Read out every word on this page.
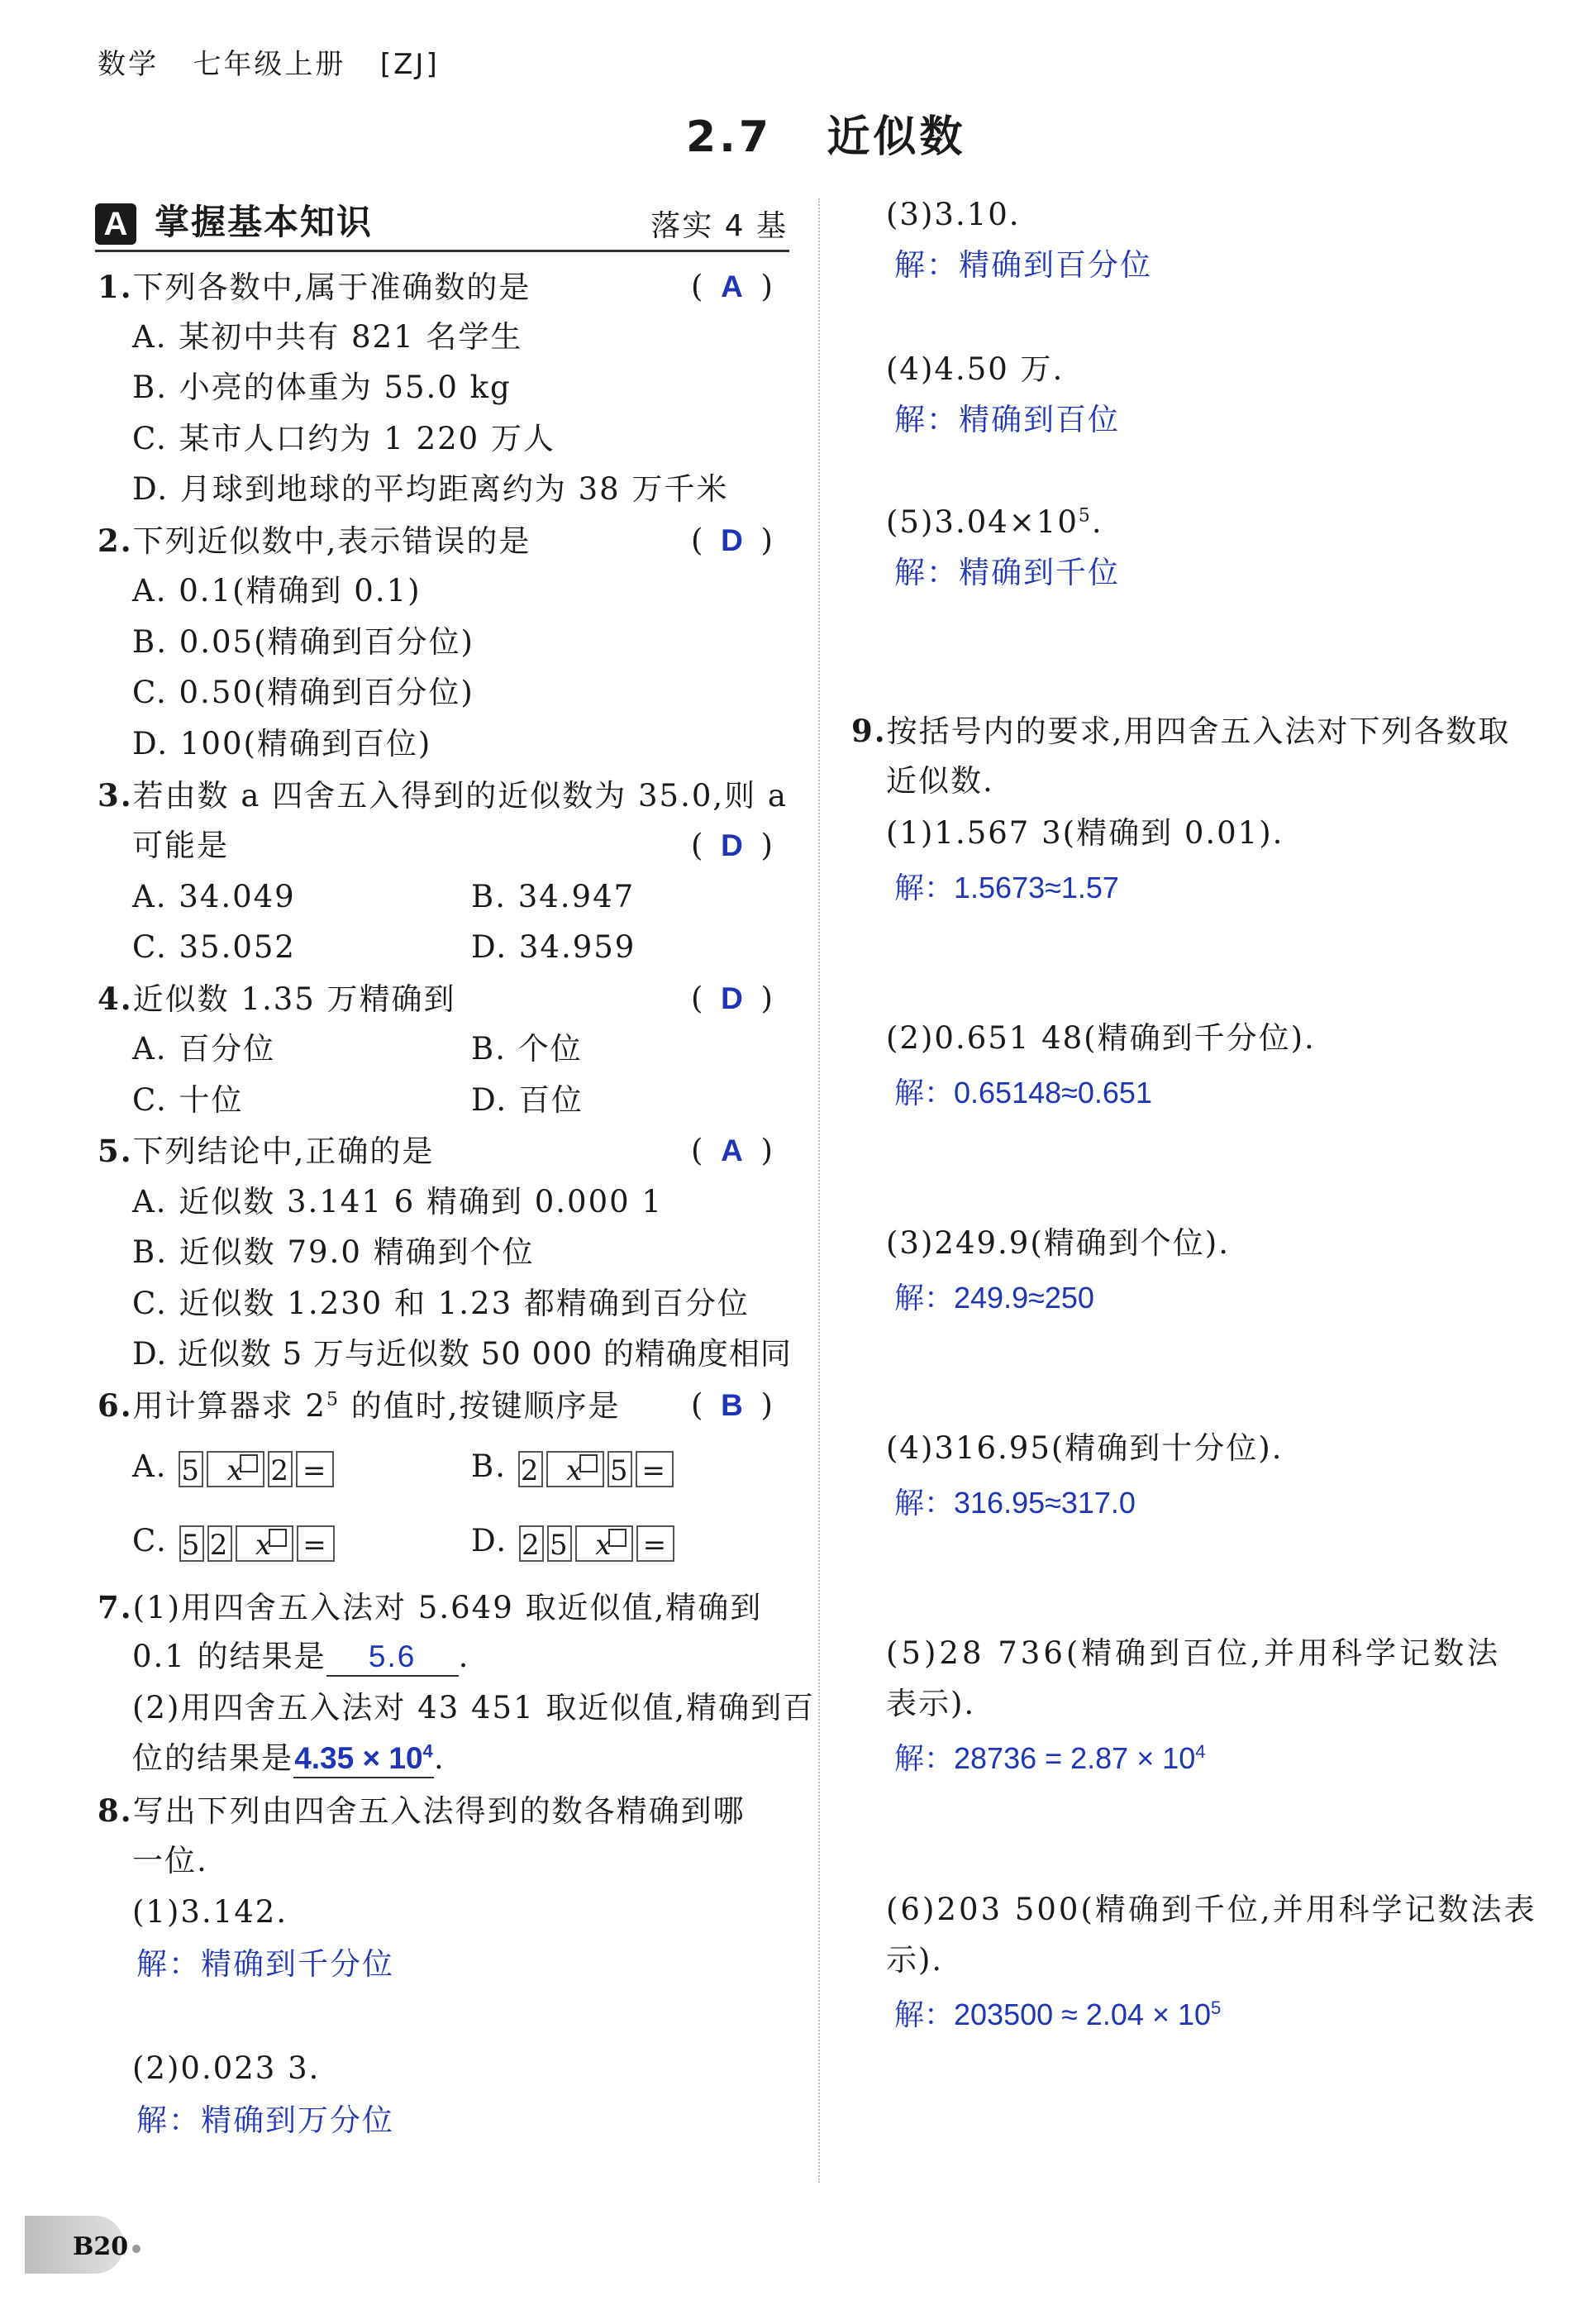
数学 七年级上册 [ZJ]
2.7 近似数
A 掌握基本知识	落实 4 基
1.下列各数中,属于准确数的是	( A )
A. 某初中共有 821 名学生
B. 小亮的体重为 55.0 kg
C. 某市人口约为 1 220 万人
D. 月球到地球的平均距离约为 38 万千米
2.下列近似数中,表示错误的是	( D )
A. 0.1(精确到 0.1)
B. 0.05(精确到百分位)
C. 0.50(精确到百分位)
D. 100(精确到百位)
3.若由数 a 四舍五入得到的近似数为 35.0,则 a
可能是	( D )
A. 34.049	B. 34.947
C. 35.052	D. 34.959
4.近似数 1.35 万精确到	( D )
A. 百分位	B. 个位
C. 十位	D. 百位
5.下列结论中,正确的是	( A )
A. 近似数 3.141 6 精确到 0.000 1
B. 近似数 79.0 精确到个位
C. 近似数 1.230 和 1.23 都精确到百分位
D. 近似数 5 万与近似数 50 000 的精确度相同
6.用计算器求 $2^5$ 的值时,按键顺序是 ( B )
A. 5 x 2 =	B. 2 x 5 =
C. 5 2 x =	D. 2 5 x =
7.(1)用四舍五入法对 5.649 取近似值,精确到
0.1 的结果是 5.6 .
(2)用四舍五入法对 43 451 取近似值,精确到百
位的结果是$4.35 \times 10^4$.
8.写出下列由四舍五入法得到的数各精确到哪
一位.
(1)3.142.
解：精确到千分位
(2)0.023 3.
解：精确到万分位
(3)3.10.
解：精确到百分位
(4)4.50 万.
解：精确到百位
$(5)3.04\times 10^5$.
解：精确到千位
9.按括号内的要求,用四舍五入法对下列各数取
近似数.
(1)1.567 3(精确到 0.01).
解：1.5673≈1.57
(2)0.651 48(精确到千分位).
解：0.65148≈0.651
(3)249.9(精确到个位).
解：249.9≈250
(4)316.95(精确到十分位).
解：316.95≈317.0
(5)28 736(精确到百位,并用科学记数法
表示).
解：$28736 = 2.87 \times 10^4$
(6)203 500(精确到千位,并用科学记数法表
示).
解：$203500 \approx 2.04 \times 10^5$
B20
